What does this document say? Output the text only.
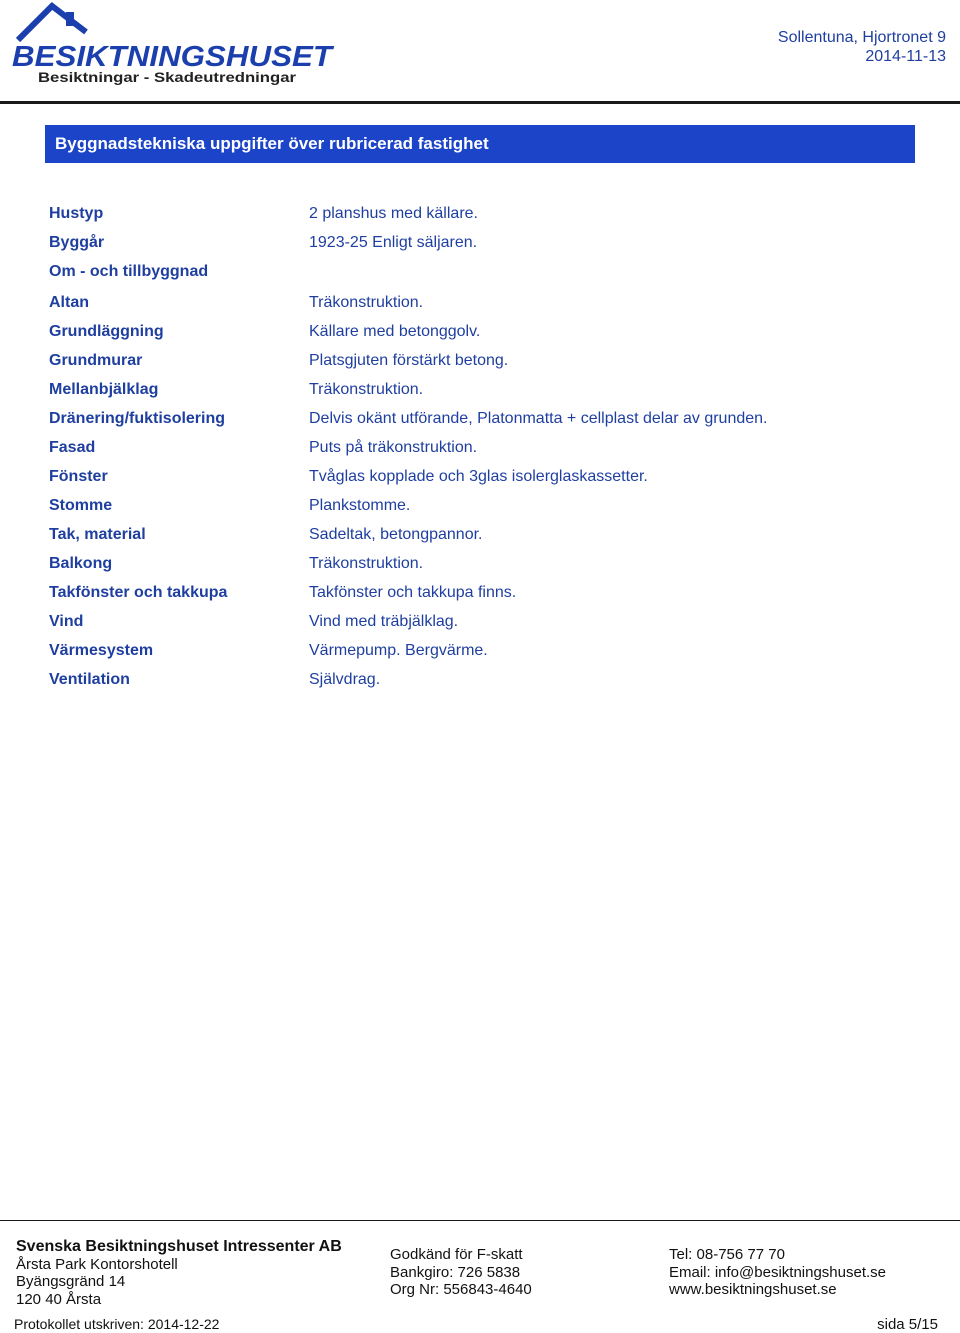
BESIKTNINGSHUSET
Besiktningar - Skadeutredningar
Sollentuna, Hjortronet 9
2014-11-13
Byggnadstekniska uppgifter över rubricerad fastighet
Hustyp	2 planshus med källare.
Byggår	1923-25 Enligt säljaren.
Om - och tillbyggnad
Altan	Träkonstruktion.
Grundläggning	Källare med betonggolv.
Grundmurar	Platsgjuten förstärkt betong.
Mellanbjälklag	Träkonstruktion.
Dränering/fuktisolering	Delvis okänt utförande, Platonmatta + cellplast delar av grunden.
Fasad	Puts på träkonstruktion.
Fönster	Tvåglas kopplade och 3glas isolerglaskassetter.
Stomme	Plankstomme.
Tak, material	Sadeltak, betongpannor.
Balkong	Träkonstruktion.
Takfönster och takkupa	Takfönster och takkupa finns.
Vind	Vind med träbjälklag.
Värmesystem	Värmepump. Bergvärme.
Ventilation	Självdrag.
Svenska Besiktningshuset Intressenter AB
Årsta Park Kontorshotell
Byängsgränd 14
120 40 Årsta
Godkänd för F-skatt
Bankgiro: 726 5838
Org Nr: 556843-4640
Tel: 08-756 77 70
Email: info@besiktningshuset.se
www.besiktningshuset.se
Protokollet utskriven: 2014-12-22	sida 5/15
